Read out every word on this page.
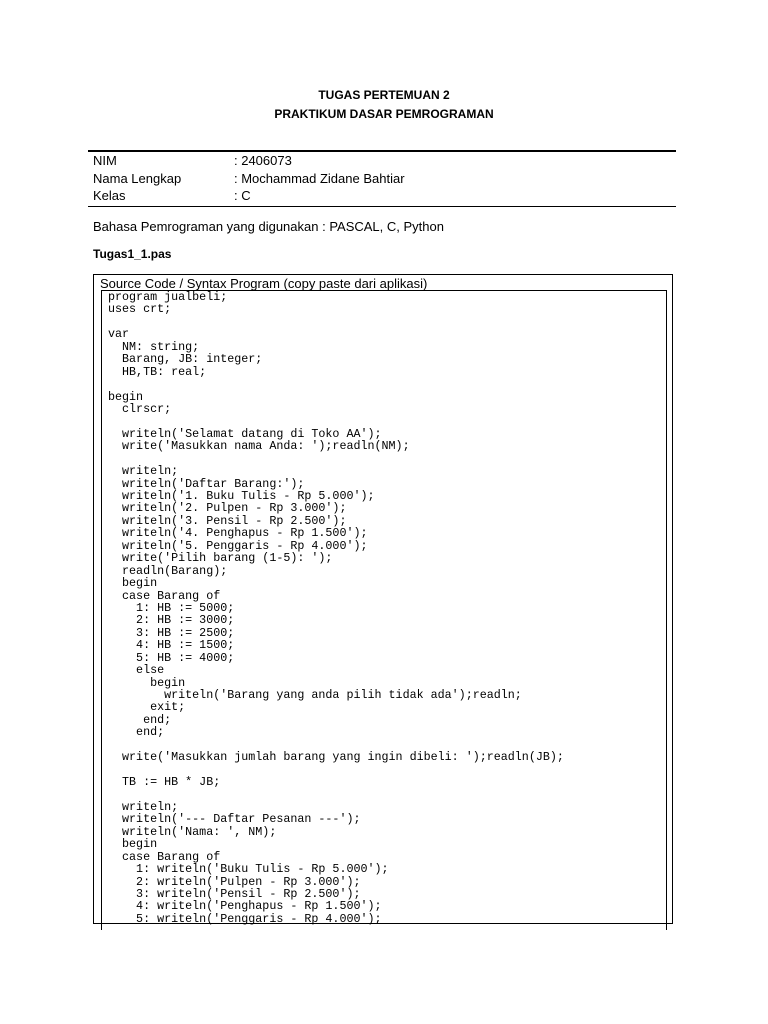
TUGAS PERTEMUAN 2
PRAKTIKUM DASAR PEMROGRAMAN
NIM	: 2406073
Nama Lengkap	: Mochammad Zidane Bahtiar
Kelas	: C
Bahasa Pemrograman yang digunakan : PASCAL, C, Python
Tugas1_1.pas
Source Code / Syntax Program (copy paste dari aplikasi)
program jualbeli;
uses crt;
var
NM: string;
Barang, JB: integer;
HB,TB: real;
begin
clrscr;
writeln('Selamat datang di Toko AA');
write('Masukkan nama Anda: ');readln(NM);
writeln;
writeln('Daftar Barang:');
writeln('1. Buku Tulis - Rp 5.000');
writeln('2. Pulpen - Rp 3.000');
writeln('3. Pensil - Rp 2.500');
writeln('4. Penghapus - Rp 1.500');
writeln('5. Penggaris - Rp 4.000');
write('Pilih barang (1-5): ');
readln(Barang);
begin
case Barang of
1: HB := 5000;
2: HB := 3000;
3: HB := 2500;
4: HB := 1500;
5: HB := 4000;
else
begin
writeln('Barang yang anda pilih tidak ada');readln;
exit;
end;
end;
write('Masukkan jumlah barang yang ingin dibeli: ');readln(JB);
TB := HB * JB;
writeln;
writeln('--- Daftar Pesanan ---');
writeln('Nama: ', NM);
begin
case Barang of
1: writeln('Buku Tulis - Rp 5.000');
2: writeln('Pulpen - Rp 3.000');
3: writeln('Pensil - Rp 2.500');
4: writeln('Penghapus - Rp 1.500');
5: writeln('Penggaris - Rp 4.000');
